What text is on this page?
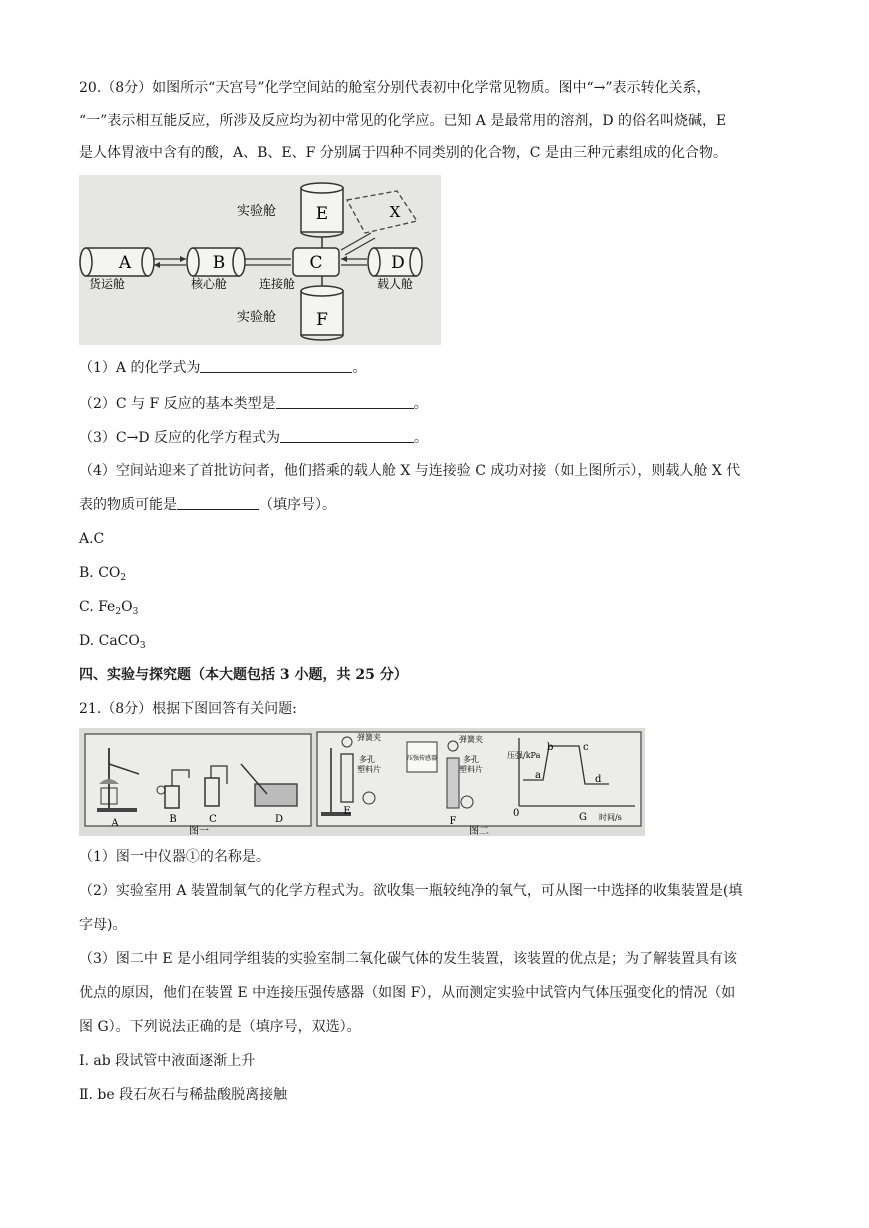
20.（8分）如图所示“天宫号”化学空间站的舱室分别代表初中化学常见物质。图中“→”表示转化关系，
“一”表示相互能反应，所涉及反应均为初中常见的化学应。已知 A 是最常用的溶剂，D 的俗名叫烧碱，E
是人体胃液中含有的酸，A、B、E、F 分别属于四种不同类别的化合物，C 是由三种元素组成的化合物。
E
实验舱	X
C
连接舱
D
载人舱
B
核心舱
A
货运舱
F
实验舱
（1）A 的化学式为	。
（2）C 与 F 反应的基本类型是	。
（3）C→D 反应的化学方程式为	。
（4）空间站迎来了首批访问者，他们搭乘的载人舱 X 与连接验 C 成功对接（如上图所示），则载人舱 X 代
表的物质可能是	（填序号）。
A.C
B. $CO_2$
C. $Fe_2O_3$
D. CaCO$_3$
四、实验与探究题（本大题包括 3 小题，共 25 分）
21.（8分）根据下图回答有关问题:
A	B	C	D
图一
E
弹簧夹
多孔
塑料片
压强传感器
F
弹簧夹
多孔
塑料片
压强/kPa
0
a
b	c
d
G 时间/s
图二
（1）图一中仪器①的名称是。
（2）实验室用 A 装置制氧气的化学方程式为。欲收集一瓶较纯净的氧气，可从图一中选择的收集装置是(填
字母)。
（3）图二中 E 是小组同学组装的实验室制二氧化碳气体的发生装置，该装置的优点是；为了解装置具有该
优点的原因，他们在装置 E 中连接压强传感器（如图 F），从而测定实验中试管内气体压强变化的情况（如
图 G）。下列说法正确的是（填序号，双选）。
I. ab 段试管中液面逐渐上升
Ⅱ. be 段石灰石与稀盐酸脱离接触
